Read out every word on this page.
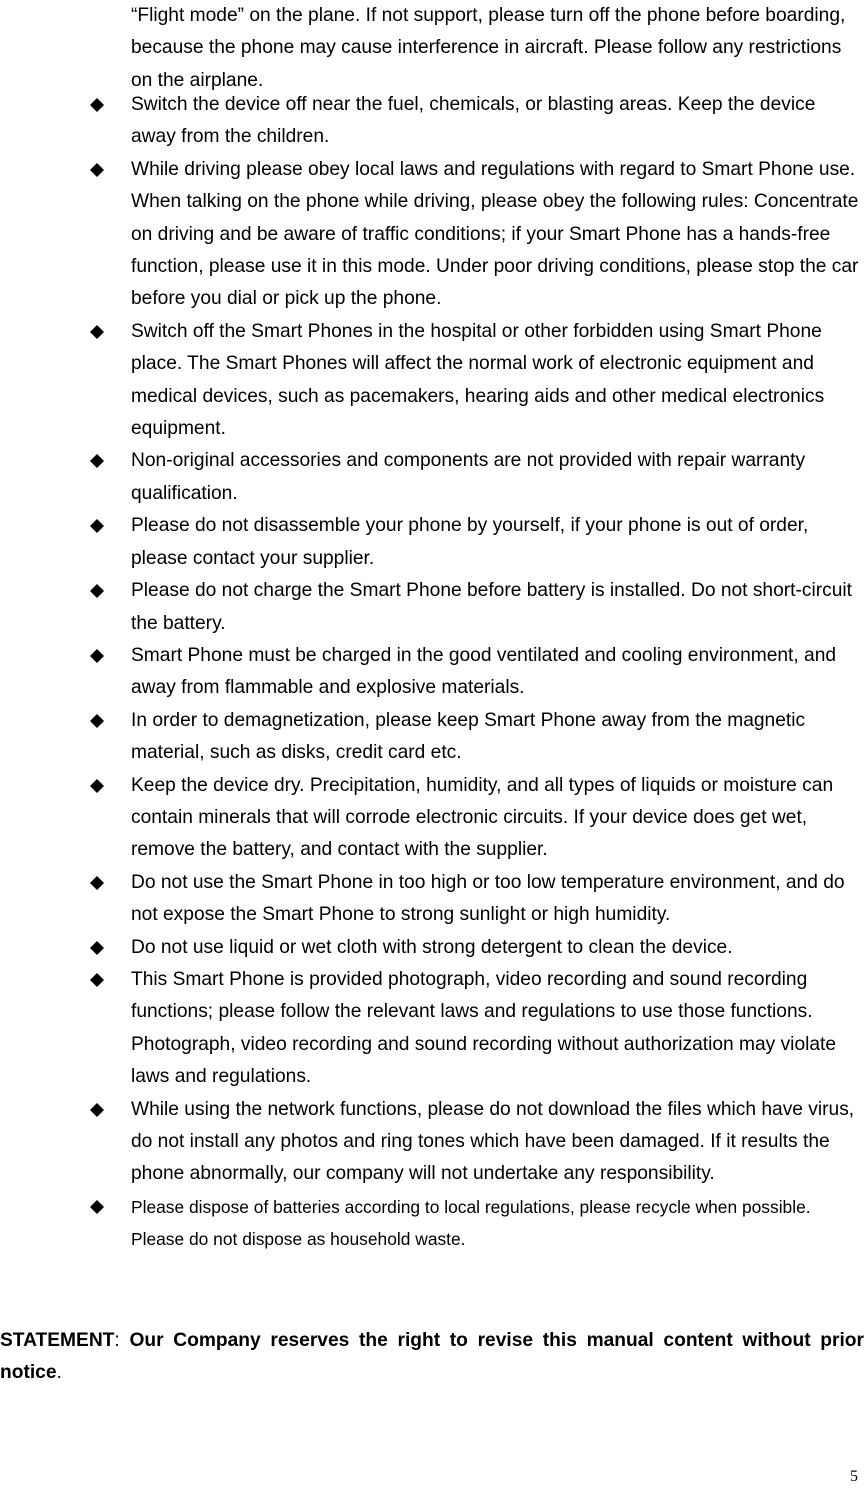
“Flight mode” on the plane. If not support, please turn off the phone before boarding, because the phone may cause interference in aircraft. Please follow any restrictions on the airplane.
Switch the device off near the fuel, chemicals, or blasting areas. Keep the device away from the children.
While driving please obey local laws and regulations with regard to Smart Phone use. When talking on the phone while driving, please obey the following rules: Concentrate on driving and be aware of traffic conditions; if your Smart Phone has a hands-free function, please use it in this mode. Under poor driving conditions, please stop the car before you dial or pick up the phone.
Switch off the Smart Phones in the hospital or other forbidden using Smart Phone place. The Smart Phones will affect the normal work of electronic equipment and medical devices, such as pacemakers, hearing aids and other medical electronics equipment.
Non-original accessories and components are not provided with repair warranty qualification.
Please do not disassemble your phone by yourself, if your phone is out of order, please contact your supplier.
Please do not charge the Smart Phone before battery is installed. Do not short-circuit the battery.
Smart Phone must be charged in the good ventilated and cooling environment, and away from flammable and explosive materials.
In order to demagnetization, please keep Smart Phone away from the magnetic material, such as disks, credit card etc.
Keep the device dry. Precipitation, humidity, and all types of liquids or moisture can contain minerals that will corrode electronic circuits. If your device does get wet, remove the battery, and contact with the supplier.
Do not use the Smart Phone in too high or too low temperature environment, and do not expose the Smart Phone to strong sunlight or high humidity.
Do not use liquid or wet cloth with strong detergent to clean the device.
This Smart Phone is provided photograph, video recording and sound recording functions; please follow the relevant laws and regulations to use those functions. Photograph, video recording and sound recording without authorization may violate laws and regulations.
While using the network functions, please do not download the files which have virus, do not install any photos and ring tones which have been damaged. If it results the phone abnormally, our company will not undertake any responsibility.
Please dispose of batteries according to local regulations, please recycle when possible. Please do not dispose as household waste.
STATEMENT: Our Company reserves the right to revise this manual content without prior notice.
5
